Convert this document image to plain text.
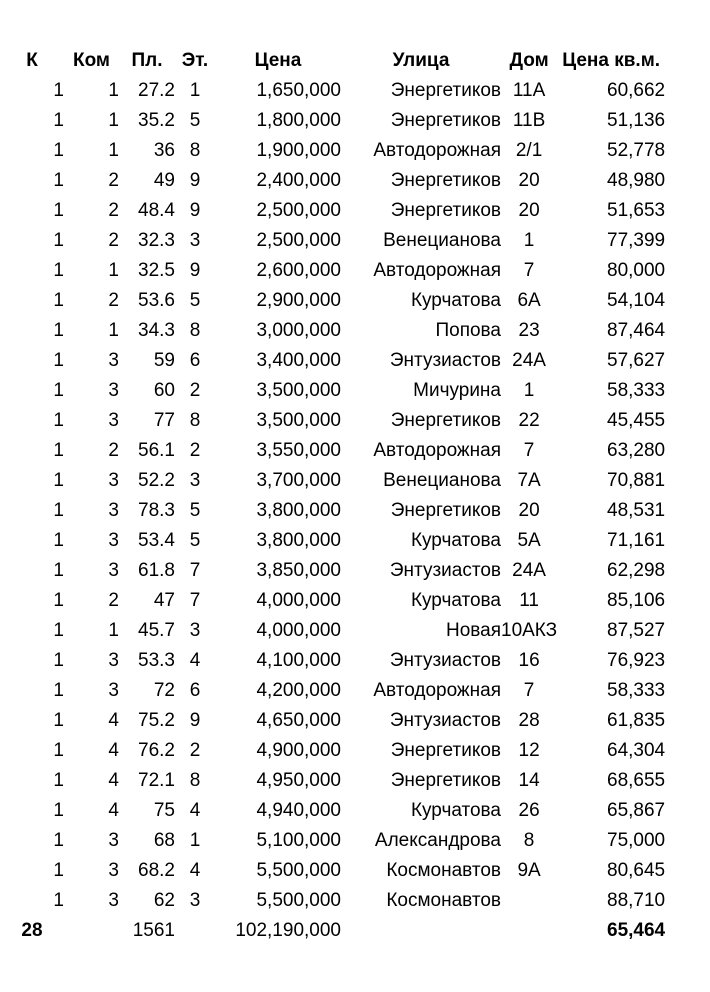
К	Ком	Пл.	Эт.	Цена	Улица	Дом	Цена кв.м.
1	1	27.2	1	1,650,000	Энергетиков	11А	60,662
1	1	35.2	5	1,800,000	Энергетиков	11В	51,136
1	1	36	8	1,900,000	Автодорожная	2/1	52,778
1	2	49	9	2,400,000	Энергетиков	20	48,980
1	2	48.4	9	2,500,000	Энергетиков	20	51,653
1	2	32.3	3	2,500,000	Венецианова	1	77,399
1	1	32.5	9	2,600,000	Автодорожная	7	80,000
1	2	53.6	5	2,900,000	Курчатова	6А	54,104
1	1	34.3	8	3,000,000	Попова	23	87,464
1	3	59	6	3,400,000	Энтузиастов	24А	57,627
1	3	60	2	3,500,000	Мичурина	1	58,333
1	3	77	8	3,500,000	Энергетиков	22	45,455
1	2	56.1	2	3,550,000	Автодорожная	7	63,280
1	3	52.2	3	3,700,000	Венецианова	7А	70,881
1	3	78.3	5	3,800,000	Энергетиков	20	48,531
1	3	53.4	5	3,800,000	Курчатова	5А	71,161
1	3	61.8	7	3,850,000	Энтузиастов	24А	62,298
1	2	47	7	4,000,000	Курчатова	11	85,106
1	1	45.7	3	4,000,000	Новая	10АКЗ	87,527
1	3	53.3	4	4,100,000	Энтузиастов	16	76,923
1	3	72	6	4,200,000	Автодорожная	7	58,333
1	4	75.2	9	4,650,000	Энтузиастов	28	61,835
1	4	76.2	2	4,900,000	Энергетиков	12	64,304
1	4	72.1	8	4,950,000	Энергетиков	14	68,655
1	4	75	4	4,940,000	Курчатова	26	65,867
1	3	68	1	5,100,000	Александрова	8	75,000
1	3	68.2	4	5,500,000	Космонавтов	9А	80,645
1	3	62	3	5,500,000	Космонавтов		88,710
28		1561		102,190,000			65,464
